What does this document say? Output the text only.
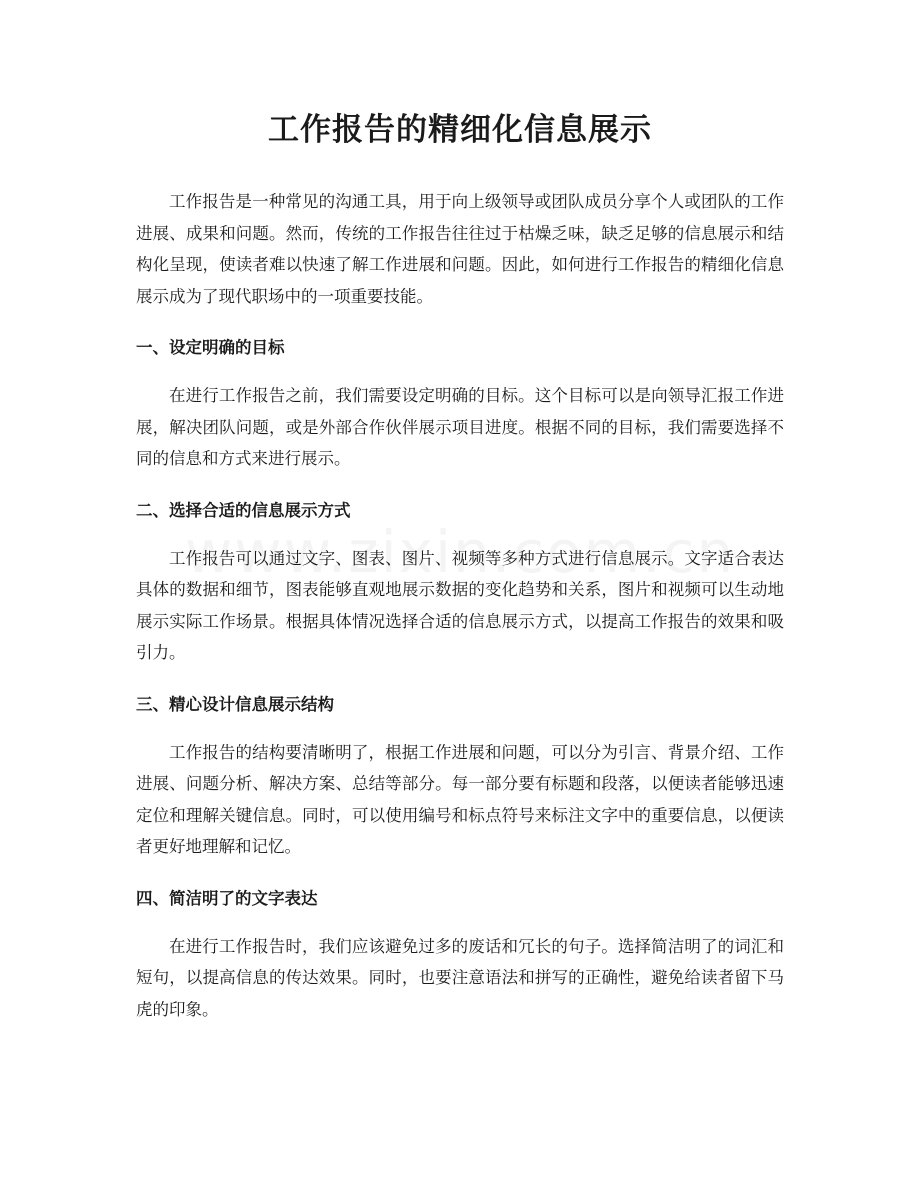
工作报告的精细化信息展示

工作报告是一种常见的沟通工具，用于向上级领导或团队成员分享个人或团队的工作进展、成果和问题。然而，传统的工作报告往往过于枯燥乏味，缺乏足够的信息展示和结构化呈现，使读者难以快速了解工作进展和问题。因此，如何进行工作报告的精细化信息展示成为了现代职场中的一项重要技能。

一、设定明确的目标

在进行工作报告之前，我们需要设定明确的目标。这个目标可以是向领导汇报工作进展，解决团队问题，或是外部合作伙伴展示项目进度。根据不同的目标，我们需要选择不同的信息和方式来进行展示。

二、选择合适的信息展示方式

工作报告可以通过文字、图表、图片、视频等多种方式进行信息展示。文字适合表达具体的数据和细节，图表能够直观地展示数据的变化趋势和关系，图片和视频可以生动地展示实际工作场景。根据具体情况选择合适的信息展示方式，以提高工作报告的效果和吸引力。

三、精心设计信息展示结构

工作报告的结构要清晰明了，根据工作进展和问题，可以分为引言、背景介绍、工作进展、问题分析、解决方案、总结等部分。每一部分要有标题和段落，以便读者能够迅速定位和理解关键信息。同时，可以使用编号和标点符号来标注文字中的重要信息，以便读者更好地理解和记忆。

四、简洁明了的文字表达

在进行工作报告时，我们应该避免过多的废话和冗长的句子。选择简洁明了的词汇和短句，以提高信息的传达效果。同时，也要注意语法和拼写的正确性，避免给读者留下马虎的印象。
